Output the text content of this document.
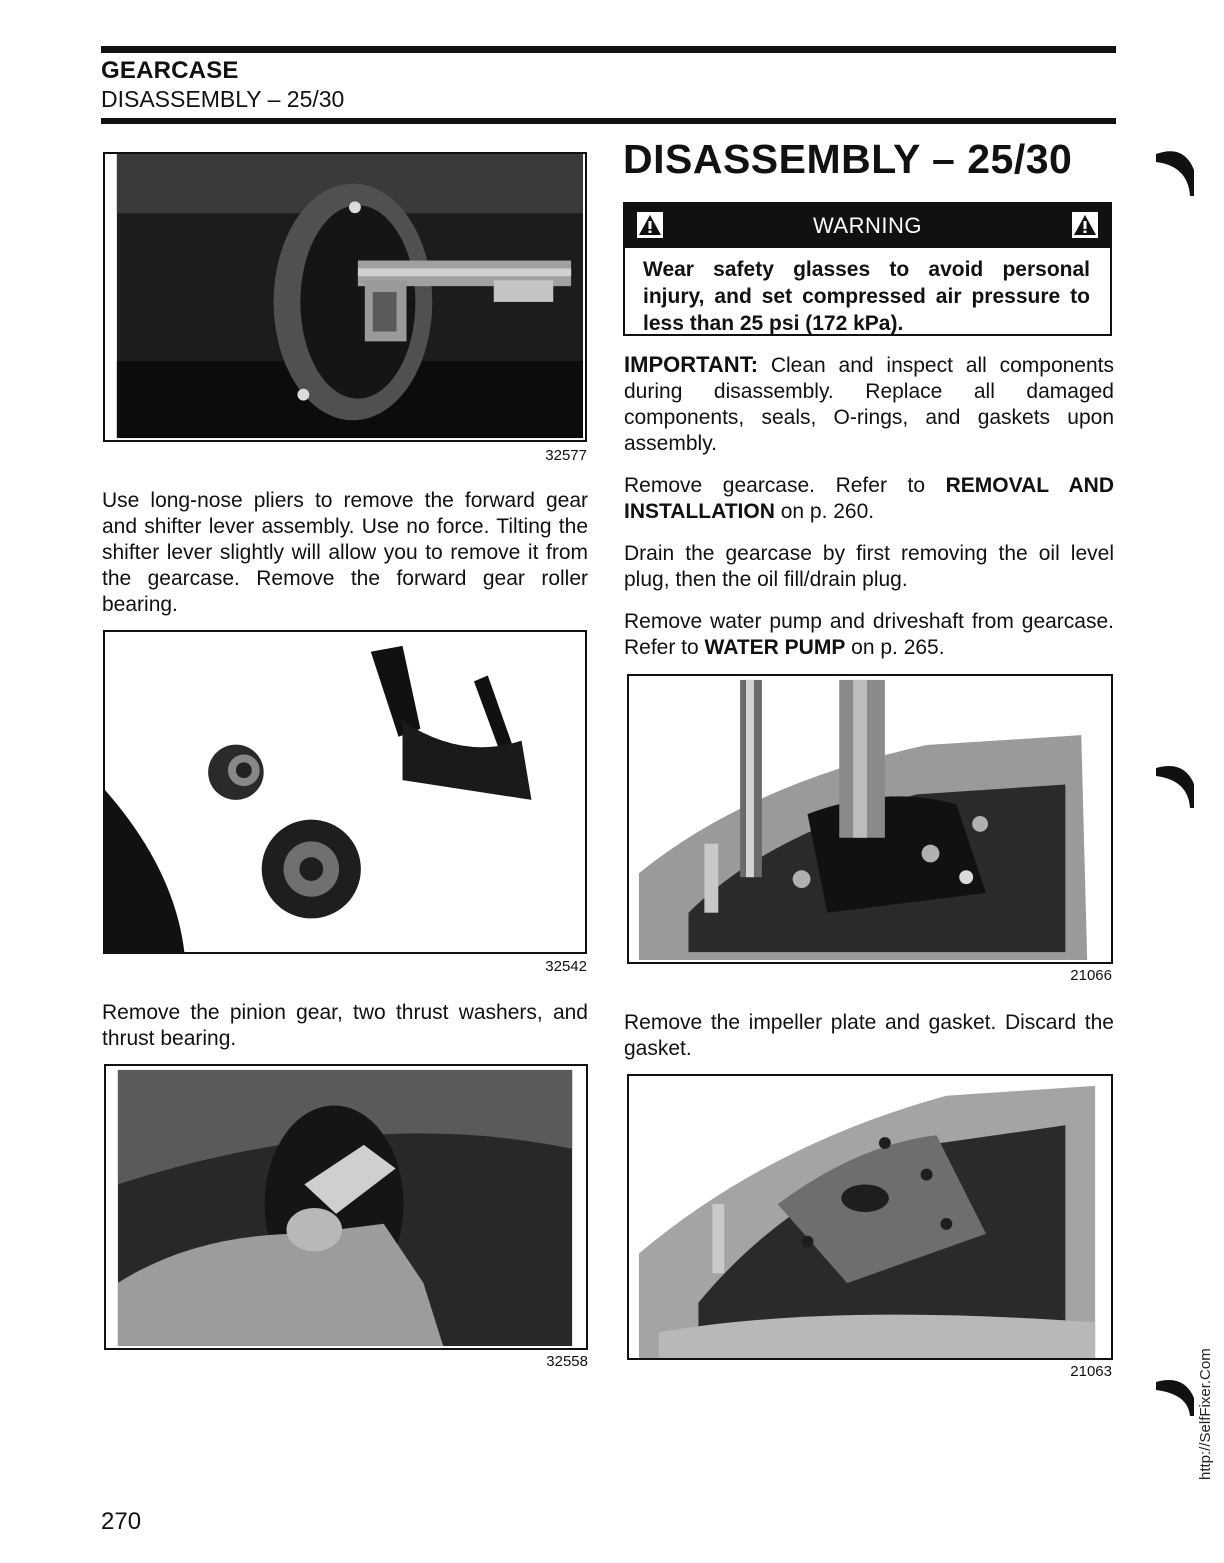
GEARCASE
DISASSEMBLY – 25/30
32577
Use long-nose pliers to remove the forward gear and shifter lever assembly. Use no force. Tilting the shifter lever slightly will allow you to remove it from the gearcase. Remove the forward gear roller bearing.
32542
Remove the pinion gear, two thrust washers, and thrust bearing.
32558
DISASSEMBLY – 25/30
WARNING
Wear safety glasses to avoid personal injury, and set compressed air pressure to less than 25 psi (172 kPa).
IMPORTANT: Clean and inspect all components during disassembly. Replace all damaged components, seals, O-rings, and gaskets upon assembly.
Remove gearcase. Refer to REMOVAL AND INSTALLATION on p. 260.
Drain the gearcase by first removing the oil level plug, then the oil fill/drain plug.
Remove water pump and driveshaft from gearcase. Refer to WATER PUMP on p. 265.
21066
Remove the impeller plate and gasket. Discard the gasket.
21063
270
http://SelfFixer.Com
